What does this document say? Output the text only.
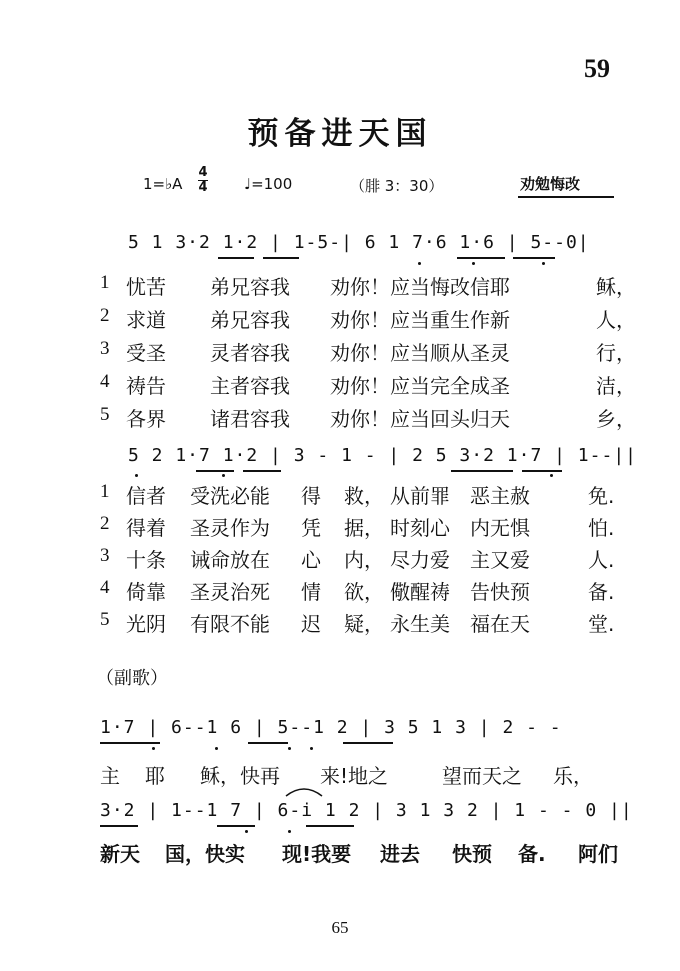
59
预备进天国
1=♭A
4
4 ♩=100	（腓 3：30）	劝勉悔改
5 1 3·2 1·2 | 1-5-| 6 1 7·6 1·6 | 5--0|
1 忧苦 弟兄容我 劝你！应当悔改信耶	稣，
2 求道 弟兄容我 劝你！应当重生作新	人，
3 受圣 灵者容我 劝你！应当顺从圣灵	行，
4 祷告 主者容我 劝你！应当完全成圣	洁，
5 各界 诸君容我 劝你！应当回头归天	乡，
5 2 1·7 1·2 | 3 - 1 - | 2 5 3·2 1·7 | 1--||
1 信者 受洗必能 得 救， 从前罪 恶主赦	免.
2 得着 圣灵作为 凭 据， 时刻心 内无惧	怕.
3 十条 诫命放在 心 内， 尽力爱 主又爱	人.
4 倚靠 圣灵治死 情 欲， 儆醒祷 告快预	备.
5 光阴 有限不能 迟 疑， 永生美 福在天	堂.
（副歌）
1·7 | 6--1 6 | 5--1 2 | 3 5 1 3 | 2 - -
主 耶 稣，快再 来!地之	望而天之 乐，
3·2 | 1--1 7 | 6-i 1 2 | 3 1 3 2 | 1 - - 0 ||
新天 国，快实 现!我要 进去 快预 备. 阿们
65
